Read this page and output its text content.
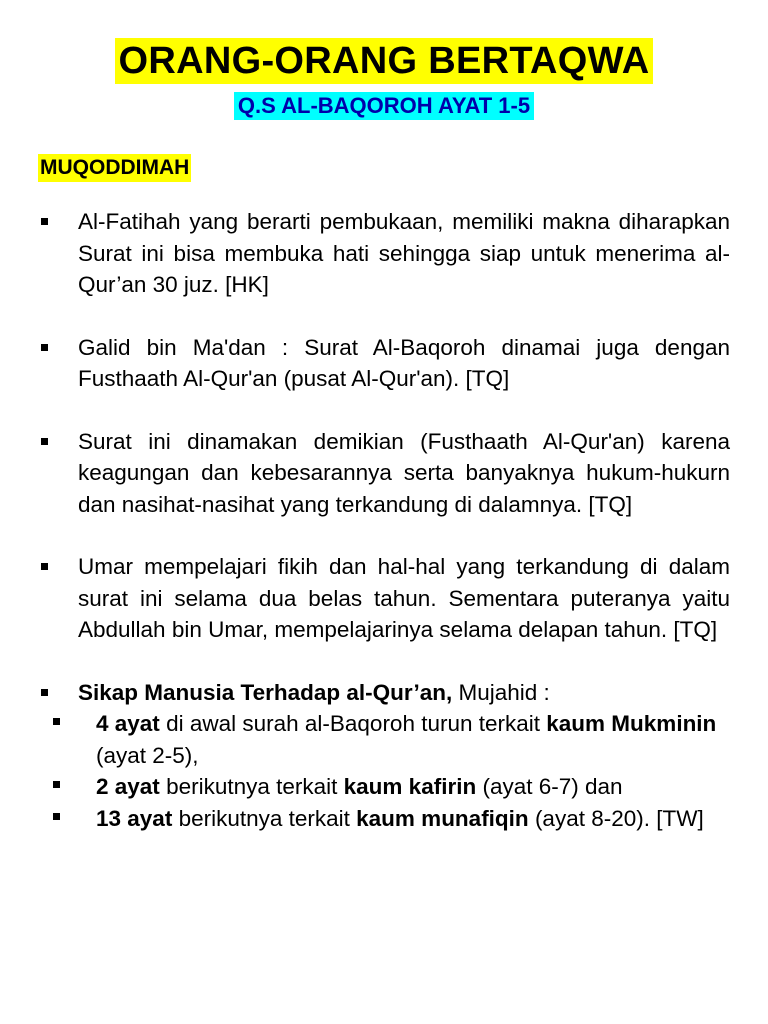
ORANG-ORANG BERTAQWA
Q.S AL-BAQOROH AYAT 1-5
MUQODDIMAH
Al-Fatihah yang berarti pembukaan, memiliki makna diharapkan Surat ini bisa membuka hati sehingga siap untuk menerima al-Qur’an 30 juz. [HK]
Galid bin Ma'dan : Surat Al-Baqoroh dinamai juga dengan Fusthaath Al-Qur'an (pusat Al-Qur'an). [TQ]
Surat ini dinamakan demikian (Fusthaath Al-Qur'an) karena keagungan dan kebesarannya serta banyaknya hukum-hukurn dan nasihat-nasihat yang terkandung di dalamnya. [TQ]
Umar mempelajari fikih dan hal-hal yang terkandung di dalam surat ini selama dua belas tahun. Sementara puteranya yaitu Abdullah bin Umar, mempelajarinya selama delapan tahun. [TQ]
Sikap Manusia Terhadap al-Qur’an, Mujahid :
4 ayat di awal surah al-Baqoroh turun terkait kaum Mukminin (ayat 2-5),
2 ayat berikutnya terkait kaum kafirin (ayat 6-7) dan
13 ayat berikutnya terkait kaum munafiqin (ayat 8-20). [TW]
